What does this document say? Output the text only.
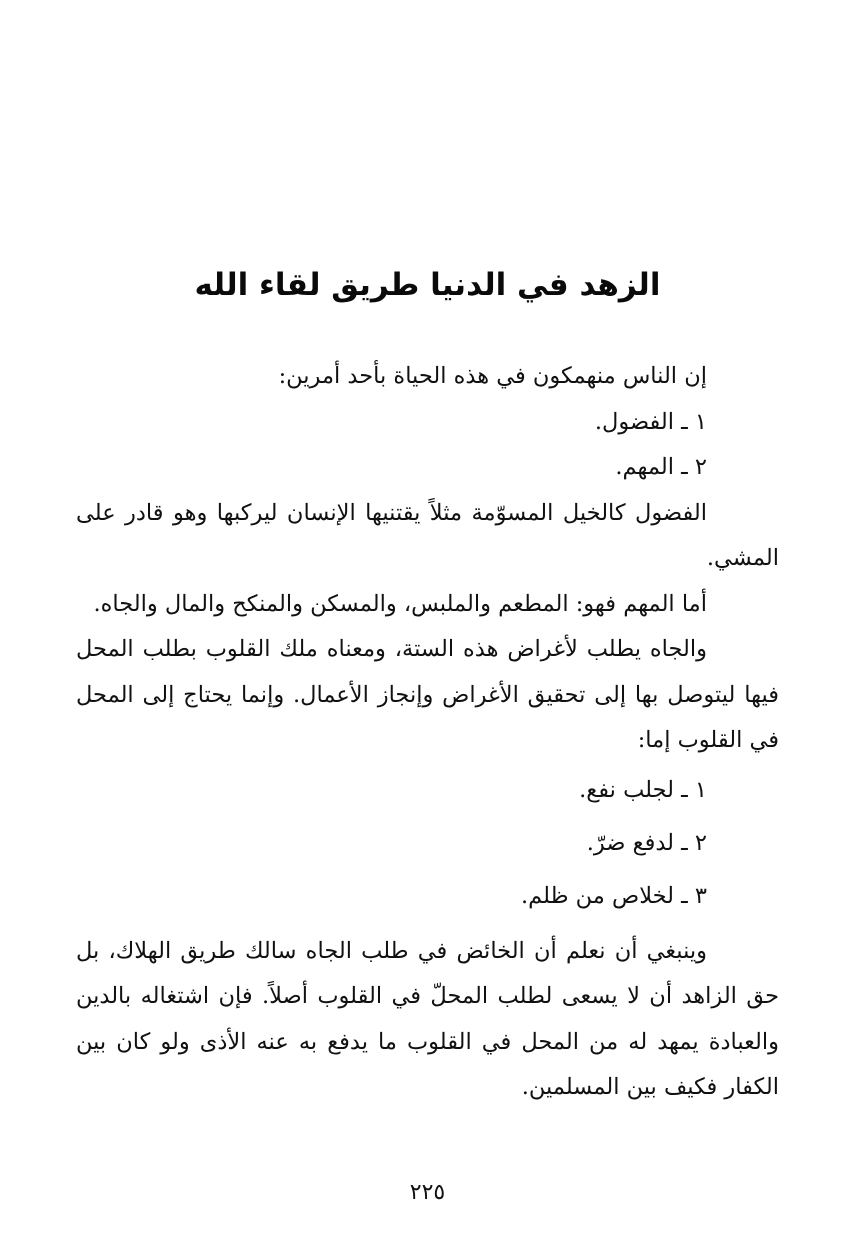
الزهد في الدنيا طريق لقاء الله

إن الناس منهمكون في هذه الحياة بأحد أمرين:

١ ـ الفضول.

٢ ـ المهم.

الفضول كالخيل المسوّمة مثلاً يقتنيها الإنسان ليركبها وهو قادر على المشي.

أما المهم فهو: المطعم والملبس، والمسكن والمنكح والمال والجاه.

والجاه يطلب لأغراض هذه الستة، ومعناه ملك القلوب بطلب المحل فيها ليتوصل بها إلى تحقيق الأغراض وإنجاز الأعمال. وإنما يحتاج إلى المحل في القلوب إما:

١ ـ لجلب نفع.

٢ ـ لدفع ضرّ.

٣ ـ لخلاص من ظلم.

وينبغي أن نعلم أن الخائض في طلب الجاه سالك طريق الهلاك، بل حق الزاهد أن لا يسعى لطلب المحلّ في القلوب أصلاً. فإن اشتغاله بالدين والعبادة يمهد له من المحل في القلوب ما يدفع به عنه الأذى ولو كان بين الكفار فكيف بين المسلمين.

٢٢٥
